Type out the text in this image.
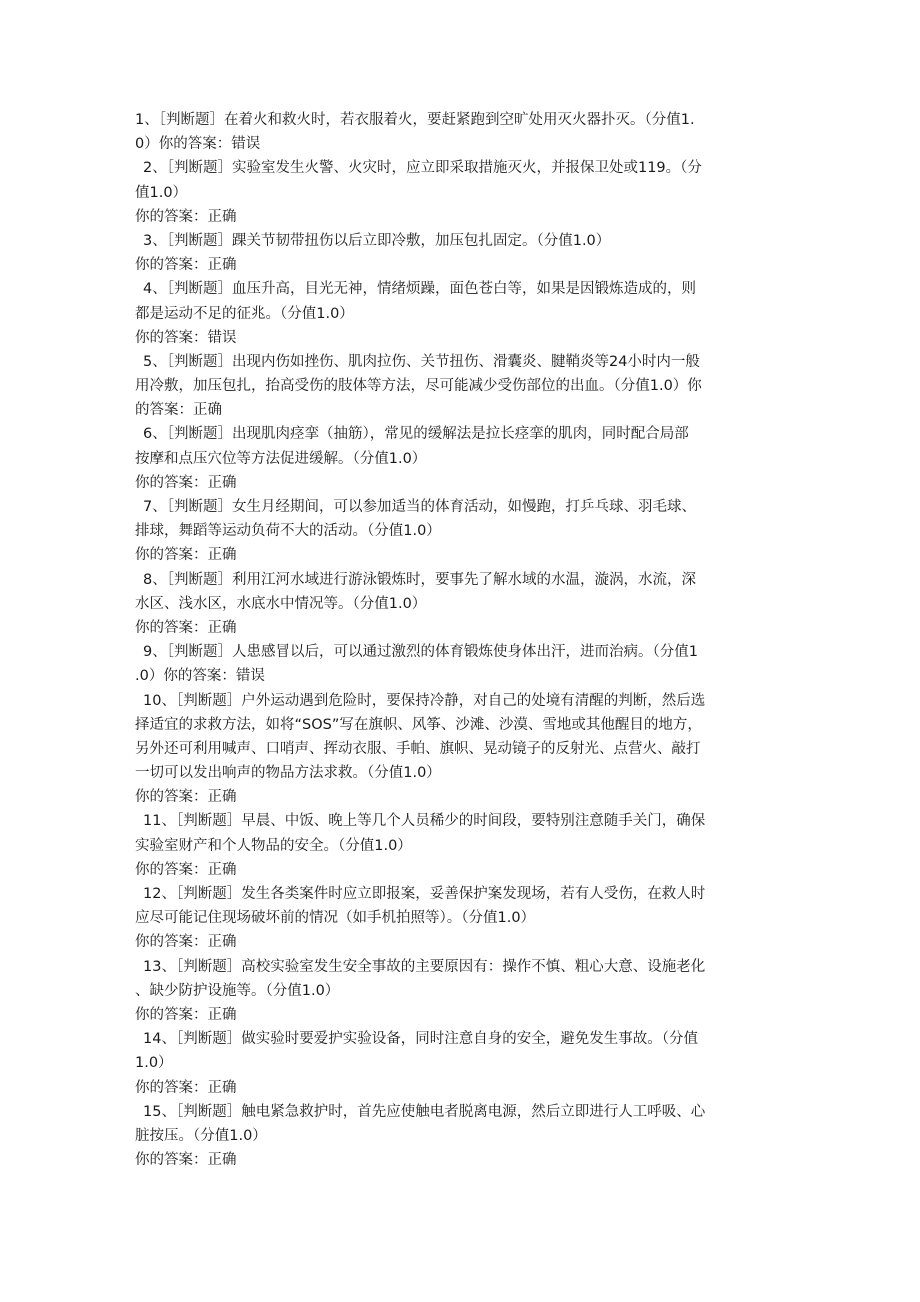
1、［判断题］在着火和救火时，若衣服着火，要赶紧跑到空旷处用灭火器扑灭。（分值1.
0）你的答案：错误
2、［判断题］实验室发生火警、火灾时，应立即采取措施灭火，并报保卫处或119。（分
值1.0）
你的答案：正确
3、［判断题］踝关节韧带扭伤以后立即冷敷，加压包扎固定。（分值1.0）
你的答案：正确
4、［判断题］血压升高，目光无神，情绪烦躁，面色苍白等，如果是因锻炼造成的，则
都是运动不足的征兆。（分值1.0）
你的答案：错误
5、［判断题］出现内伤如挫伤、肌肉拉伤、关节扭伤、滑囊炎、腱鞘炎等24小时内一般
用冷敷，加压包扎，抬高受伤的肢体等方法，尽可能减少受伤部位的出血。（分值1.0）你
的答案：正确
6、［判断题］出现肌肉痉挛（抽筋），常见的缓解法是拉长痉挛的肌肉，同时配合局部
按摩和点压穴位等方法促进缓解。（分值1.0）
你的答案：正确
7、［判断题］女生月经期间，可以参加适当的体育活动，如慢跑，打乒乓球、羽毛球、
排球，舞蹈等运动负荷不大的活动。（分值1.0）
你的答案：正确
8、［判断题］利用江河水域进行游泳锻炼时，要事先了解水域的水温，漩涡，水流，深
水区、浅水区，水底水中情况等。（分值1.0）
你的答案：正确
9、［判断题］人患感冒以后，可以通过激烈的体育锻炼使身体出汗，进而治病。（分值1
.0）你的答案：错误
10、［判断题］户外运动遇到危险时，要保持冷静，对自己的处境有清醒的判断，然后选
择适宜的求救方法，如将“SOS”写在旗帜、风筝、沙滩、沙漠、雪地或其他醒目的地方，
另外还可利用喊声、口哨声、挥动衣服、手帕、旗帜、晃动镜子的反射光、点营火、敲打
一切可以发出响声的物品方法求救。（分值1.0）
你的答案：正确
11、［判断题］早晨、中饭、晚上等几个人员稀少的时间段，要特别注意随手关门，确保
实验室财产和个人物品的安全。（分值1.0）
你的答案：正确
12、［判断题］发生各类案件时应立即报案，妥善保护案发现场，若有人受伤，在救人时
应尽可能记住现场破坏前的情况（如手机拍照等）。（分值1.0）
你的答案：正确
13、［判断题］高校实验室发生安全事故的主要原因有：操作不慎、粗心大意、设施老化
、缺少防护设施等。（分值1.0）
你的答案：正确
14、［判断题］做实验时要爱护实验设备，同时注意自身的安全，避免发生事故。（分值
1.0）
你的答案：正确
15、［判断题］触电紧急救护时，首先应使触电者脱离电源，然后立即进行人工呼吸、心
脏按压。（分值1.0）
你的答案：正确
